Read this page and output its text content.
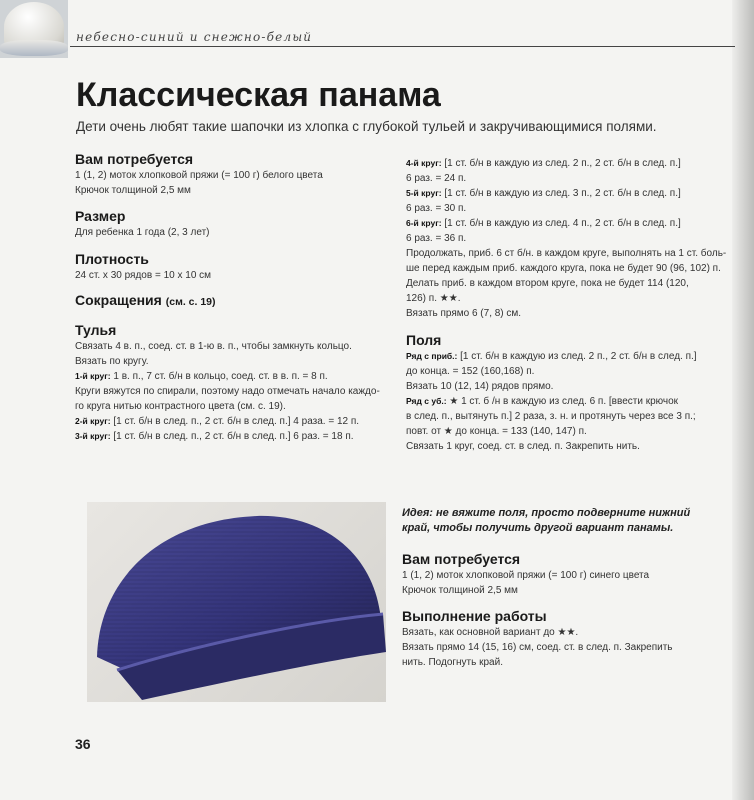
небесно-синий и снежно-белый
Классическая панама

Дети очень любят такие шапочки из хлопка с глубокой тульей и закручивающимися полями.

Вам потребуется

1 (1, 2) моток хлопковой пряжи (= 100 г) белого цвета

Крючок толщиной 2,5 мм

Размер

Для ребенка 1 года (2, 3 лет)

Плотность

24 ст. х 30 рядов = 10 х 10 см

Сокращения (см. с. 19)
Тулья

Связать 4 в. п., соед. ст. в 1-ю в. п., чтобы замкнуть кольцо.

Вязать по кругу.

1-й круг: 1 в. п., 7 ст. б/н в кольцо, соед. ст. в в. п. = 8 п.

Круги вяжутся по спирали, поэтому надо отмечать начало каждо-

го круга нитью контрастного цвета (см. с. 19).

2-й круг: [1 ст. б/н в след. п., 2 ст. б/н в след. п.] 4 раза. = 12 п.

3-й круг: [1 ст. б/н в след. п., 2 ст. б/н в след. п.] 6 раз. = 18 п.

4-й круг: [1 ст. б/н в каждую из след. 2 п., 2 ст. б/н в след. п.]

6 раз. = 24 п.

5-й круг: [1 ст. б/н в каждую из след. 3 п., 2 ст. б/н в след. п.]

6 раз. = 30 п.

6-й круг: [1 ст. б/н в каждую из след. 4 п., 2 ст. б/н в след. п.]

6 раз. = 36 п.

Продолжать, приб. 6 ст б/н. в каждом круге, выполнять на 1 ст. боль-

ше перед каждым приб. каждого круга, пока не будет 90 (96, 102) п.

Делать приб. в каждом втором круге, пока не будет 114 (120,

126) п. ★★.

Вязать прямо 6 (7, 8) см.

Поля

Ряд с приб.: [1 ст. б/н в каждую из след. 2 п., 2 ст. б/н в след. п.]

до конца. = 152 (160,168) п.

Вязать 10 (12, 14) рядов прямо.

Ряд с уб.: ★ 1 ст. б /н в каждую из след. 6 п. [ввести крючок

в след. п., вытянуть п.] 2 раза, з. н. и протянуть через все 3 п.;

повт. от ★ до конца. = 133 (140, 147) п.

Связать 1 круг, соед. ст. в след. п. Закрепить нить.

Идея: не вяжите поля, просто подверните нижний
край, чтобы получить другой вариант панамы.

Вам потребуется

1 (1, 2) моток хлопковой пряжи (= 100 г) синего цвета

Крючок толщиной 2,5 мм

Выполнение работы

Вязать, как основной вариант до ★★.

Вязать прямо 14 (15, 16) см, соед. ст. в след. п. Закрепить

нить. Подогнуть край.

36
